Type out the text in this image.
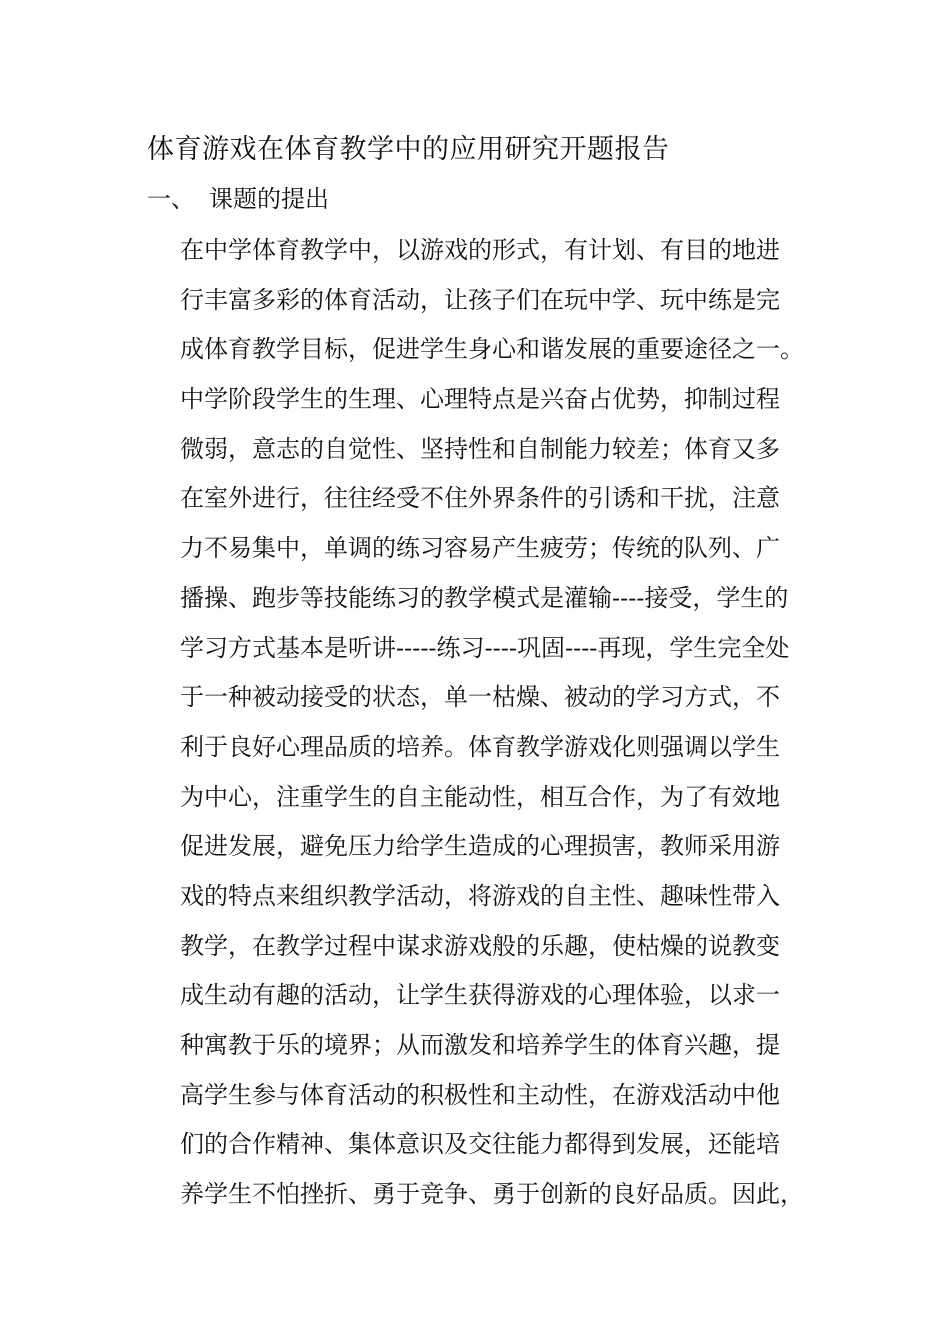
体育游戏在体育教学中的应用研究开题报告
一、 课题的提出
在中学体育教学中，以游戏的形式，有计划、有目的地进
行丰富多彩的体育活动，让孩子们在玩中学、玩中练是完
成体育教学目标，促进学生身心和谐发展的重要途径之一。
中学阶段学生的生理、心理特点是兴奋占优势，抑制过程
微弱，意志的自觉性、坚持性和自制能力较差；体育又多
在室外进行，往往经受不住外界条件的引诱和干扰，注意
力不易集中，单调的练习容易产生疲劳；传统的队列、广
播操、跑步等技能练习的教学模式是灌输----接受，学生的
学习方式基本是听讲-----练习----巩固----再现，学生完全处
于一种被动接受的状态，单一枯燥、被动的学习方式，不
利于良好心理品质的培养。体育教学游戏化则强调以学生
为中心，注重学生的自主能动性，相互合作，为了有效地
促进发展，避免压力给学生造成的心理损害，教师采用游
戏的特点来组织教学活动，将游戏的自主性、趣味性带入
教学，在教学过程中谋求游戏般的乐趣，使枯燥的说教变
成生动有趣的活动，让学生获得游戏的心理体验，以求一
种寓教于乐的境界；从而激发和培养学生的体育兴趣，提
高学生参与体育活动的积极性和主动性，在游戏活动中他
们的合作精神、集体意识及交往能力都得到发展，还能培
养学生不怕挫折、勇于竞争、勇于创新的良好品质。因此，
